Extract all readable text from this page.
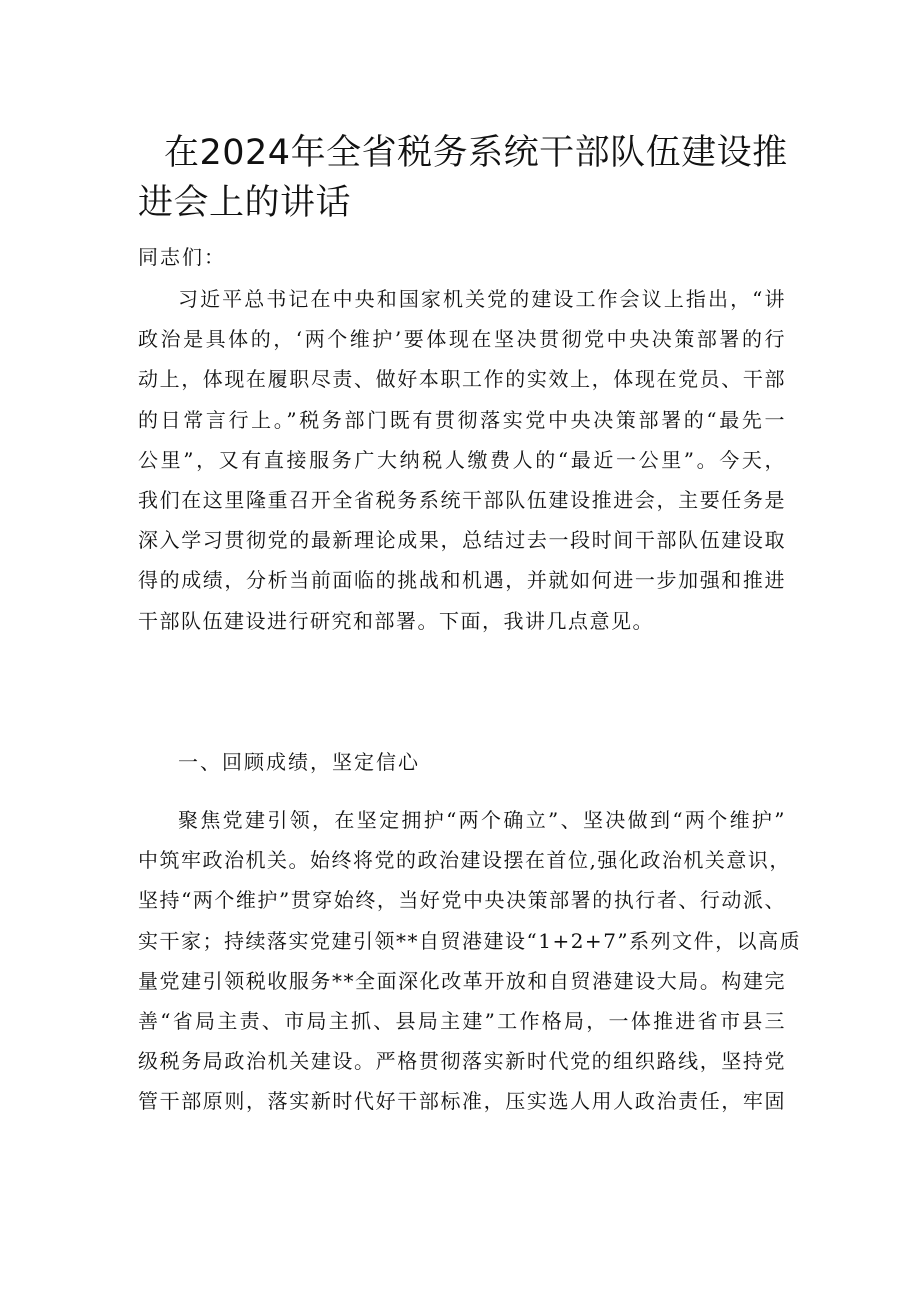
在2024年全省税务系统干部队伍建设推进会上的讲话
同志们：
习近平总书记在中央和国家机关党的建设工作会议上指出，“讲
政治是具体的，‘两个维护’要体现在坚决贯彻党中央决策部署的行
动上，体现在履职尽责、做好本职工作的实效上，体现在党员、干部
的日常言行上。”税务部门既有贯彻落实党中央决策部署的“最先一
公里”，又有直接服务广大纳税人缴费人的“最近一公里”。今天，
我们在这里隆重召开全省税务系统干部队伍建设推进会，主要任务是
深入学习贯彻党的最新理论成果，总结过去一段时间干部队伍建设取
得的成绩，分析当前面临的挑战和机遇，并就如何进一步加强和推进
干部队伍建设进行研究和部署。下面，我讲几点意见。
一、回顾成绩，坚定信心
聚焦党建引领，在坚定拥护“两个确立”、坚决做到“两个维护”
中筑牢政治机关。始终将党的政治建设摆在首位,强化政治机关意识，
坚持“两个维护”贯穿始终，当好党中央决策部署的执行者、行动派、
实干家；持续落实党建引领**自贸港建设“1+2+7”系列文件，以高质
量党建引领税收服务**全面深化改革开放和自贸港建设大局。构建完
善“省局主责、市局主抓、县局主建”工作格局，一体推进省市县三
级税务局政治机关建设。严格贯彻落实新时代党的组织路线，坚持党
管干部原则，落实新时代好干部标准，压实选人用人政治责任，牢固
